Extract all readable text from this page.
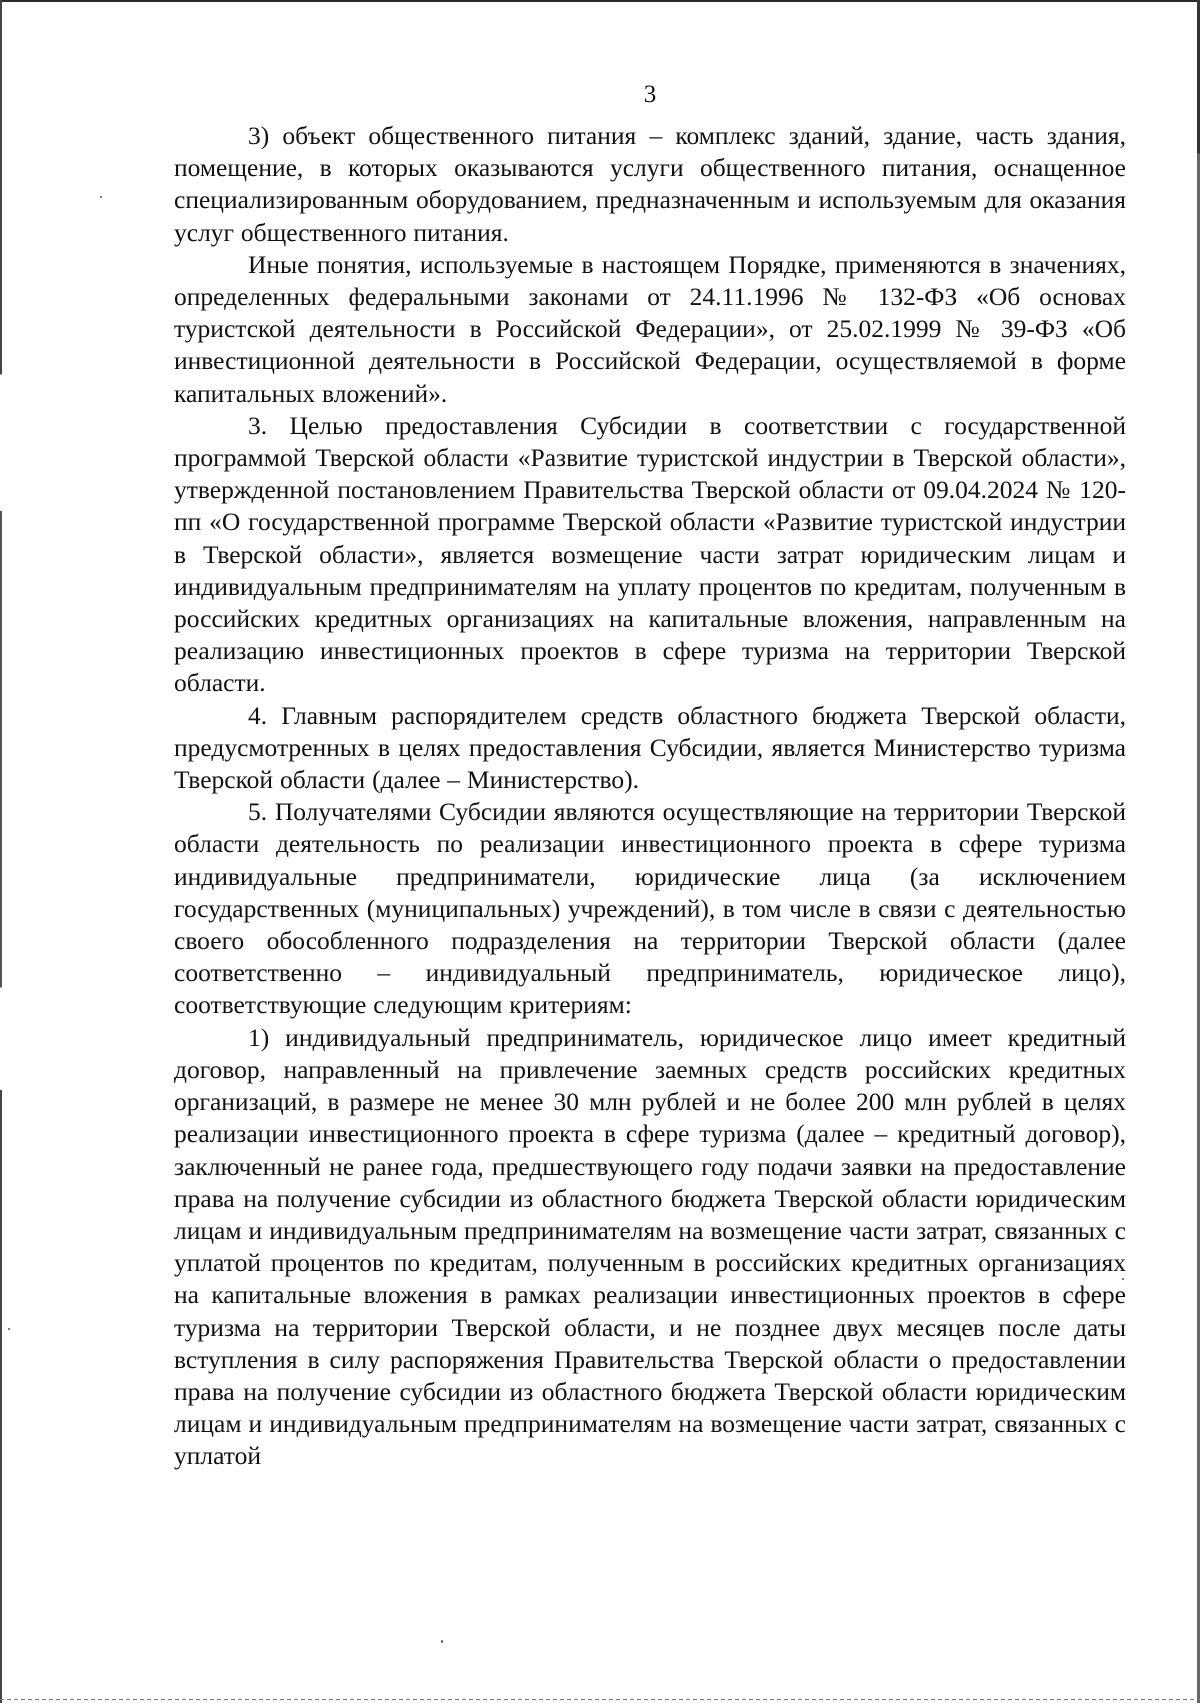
3

3) объект общественного питания – комплекс зданий, здание, часть здания, помещение, в которых оказываются услуги общественного питания, оснащенное специализированным оборудованием, предназначенным и используемым для оказания услуг общественного питания.

Иные понятия, используемые в настоящем Порядке, применяются в значениях, определенных федеральными законами от 24.11.1996 № 132-ФЗ «Об основах туристской деятельности в Российской Федерации», от 25.02.1999 № 39-ФЗ «Об инвестиционной деятельности в Российской Федерации, осуществляемой в форме капитальных вложений».

3. Целью предоставления Субсидии в соответствии с государственной программой Тверской области «Развитие туристской индустрии в Тверской области», утвержденной постановлением Правительства Тверской области от 09.04.2024 № 120-пп «О государственной программе Тверской области «Развитие туристской индустрии в Тверской области», является возмещение части затрат юридическим лицам и индивидуальным предпринимателям на уплату процентов по кредитам, полученным в российских кредитных организациях на капитальные вложения, направленным на реализацию инвестиционных проектов в сфере туризма на территории Тверской области.

4. Главным распорядителем средств областного бюджета Тверской области, предусмотренных в целях предоставления Субсидии, является Министерство туризма Тверской области (далее – Министерство).

5. Получателями Субсидии являются осуществляющие на территории Тверской области деятельность по реализации инвестиционного проекта в сфере туризма индивидуальные предприниматели, юридические лица (за исключением государственных (муниципальных) учреждений), в том числе в связи с деятельностью своего обособленного подразделения на территории Тверской области (далее соответственно – индивидуальный предприниматель, юридическое лицо), соответствующие следующим критериям:

1) индивидуальный предприниматель, юридическое лицо имеет кредитный договор, направленный на привлечение заемных средств российских кредитных организаций, в размере не менее 30 млн рублей и не более 200 млн рублей в целях реализации инвестиционного проекта в сфере туризма (далее – кредитный договор), заключенный не ранее года, предшествующего году подачи заявки на предоставление права на получение субсидии из областного бюджета Тверской области юридическим лицам и индивидуальным предпринимателям на возмещение части затрат, связанных с уплатой процентов по кредитам, полученным в российских кредитных организациях на капитальные вложения в рамках реализации инвестиционных проектов в сфере туризма на территории Тверской области, и не позднее двух месяцев после даты вступления в силу распоряжения Правительства Тверской области о предоставлении права на получение субсидии из областного бюджета Тверской области юридическим лицам и индивидуальным предпринимателям на возмещение части затрат, связанных с уплатой
